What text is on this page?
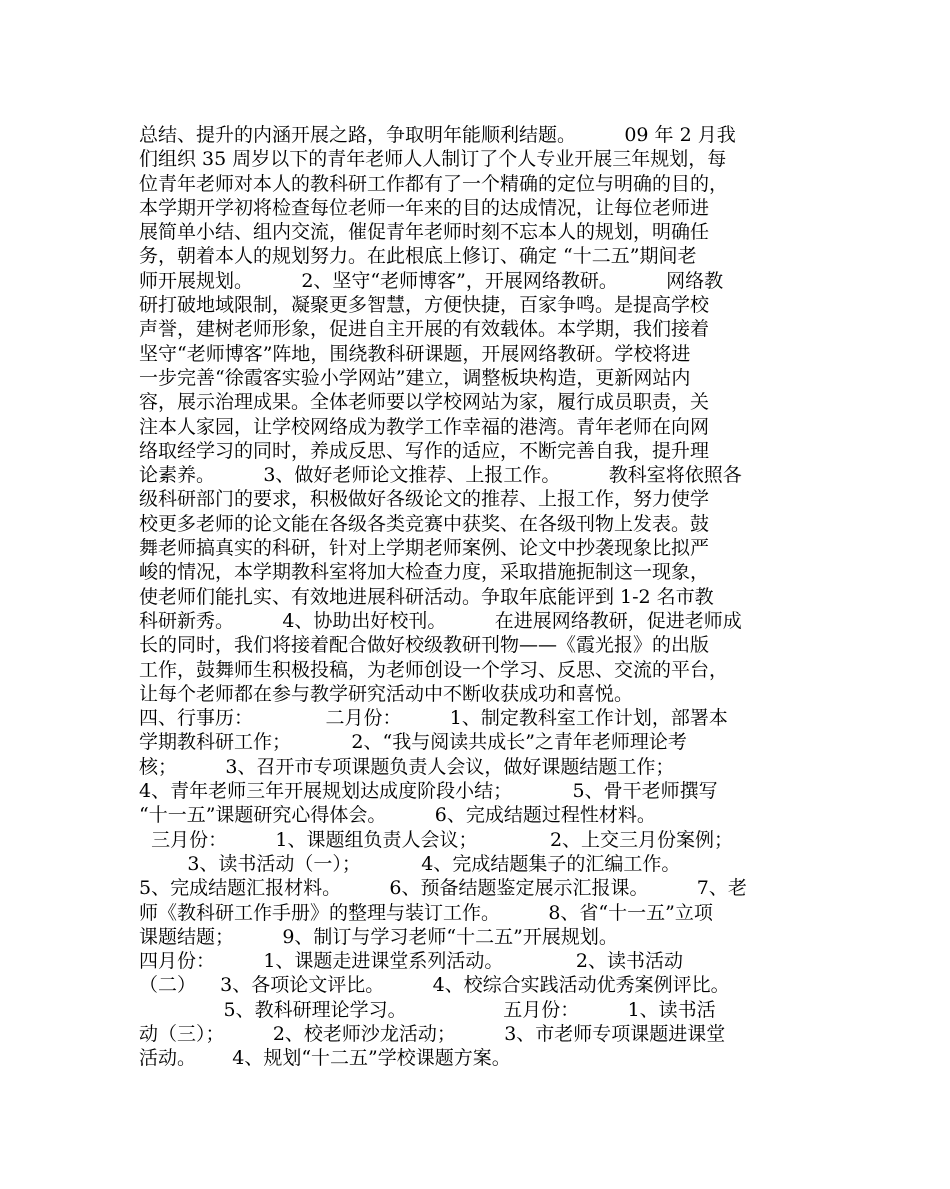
总结、提升的内涵开展之路，争取明年能顺利结题。        09 年 2 月我
们组织 35 周岁以下的青年老师人人制订了个人专业开展三年规划，每
位青年老师对本人的教科研工作都有了一个精确的定位与明确的目的，
本学期开学初将检查每位老师一年来的目的达成情况，让每位老师进
展简单小结、组内交流，催促青年老师时刻不忘本人的规划，明确任
务，朝着本人的规划努力。在此根底上修订、确定 “十二五”期间老
师开展规划。        2、坚守“老师博客”，开展网络教研。        网络教
研打破地域限制，凝聚更多智慧，方便快捷，百家争鸣。是提高学校
声誉，建树老师形象，促进自主开展的有效载体。本学期，我们接着
坚守“老师博客”阵地，围绕教科研课题，开展网络教研。学校将进
一步完善“徐霞客实验小学网站”建立，调整板块构造，更新网站内
容，展示治理成果。全体老师要以学校网站为家，履行成员职责，关
注本人家园，让学校网络成为教学工作幸福的港湾。青年老师在向网
络取经学习的同时，养成反思、写作的适应，不断完善自我，提升理
论素养。        3、做好老师论文推荐、上报工作。        教科室将依照各
级科研部门的要求，积极做好各级论文的推荐、上报工作，努力使学
校更多老师的论文能在各级各类竞赛中获奖、在各级刊物上发表。鼓
舞老师搞真实的科研，针对上学期老师案例、论文中抄袭现象比拟严
峻的情况，本学期教科室将加大检查力度，采取措施扼制这一现象，
使老师们能扎实、有效地进展科研活动。争取年底能评到 1-2 名市教
科研新秀。        4、协助出好校刊。        在进展网络教研，促进老师成
长的同时，我们将接着配合做好校级教研刊物——《霞光报》的出版
工作，鼓舞师生积极投稿，为老师创设一个学习、反思、交流的平台，
让每个老师都在参与教学研究活动中不断收获成功和喜悦。
四、行事历：            二月份：        1、制定教科室工作计划，部署本
学期教科研工作；          2、“我与阅读共成长”之青年老师理论考
核；        3、召开市专项课题负责人会议，做好课题结题工作；
4、青年老师三年开展规划达成度阶段小结；          5、骨干老师撰写
“十一五”课题研究心得体会。        6、完成结题过程性材料。
三月份：        1、课题组负责人会议；            2、上交三月份案例；
3、读书活动（一）；          4、完成结题集子的汇编工作。
5、完成结题汇报材料。        6、预备结题鉴定展示汇报课。        7、老
师《教科研工作手册》的整理与装订工作。        8、省“十一五”立项
课题结题；        9、制订与学习老师“十二五”开展规划。
四月份：        1、课题走进课堂系列活动。            2、读书活动
（二）    3、各项论文评比。        4、校综合实践活动优秀案例评比。
5、教科研理论学习。                五月份：        1、读书活
动（三）；        2、校老师沙龙活动；        3、市老师专项课题进课堂
活动。      4、规划“十二五”学校课题方案。
